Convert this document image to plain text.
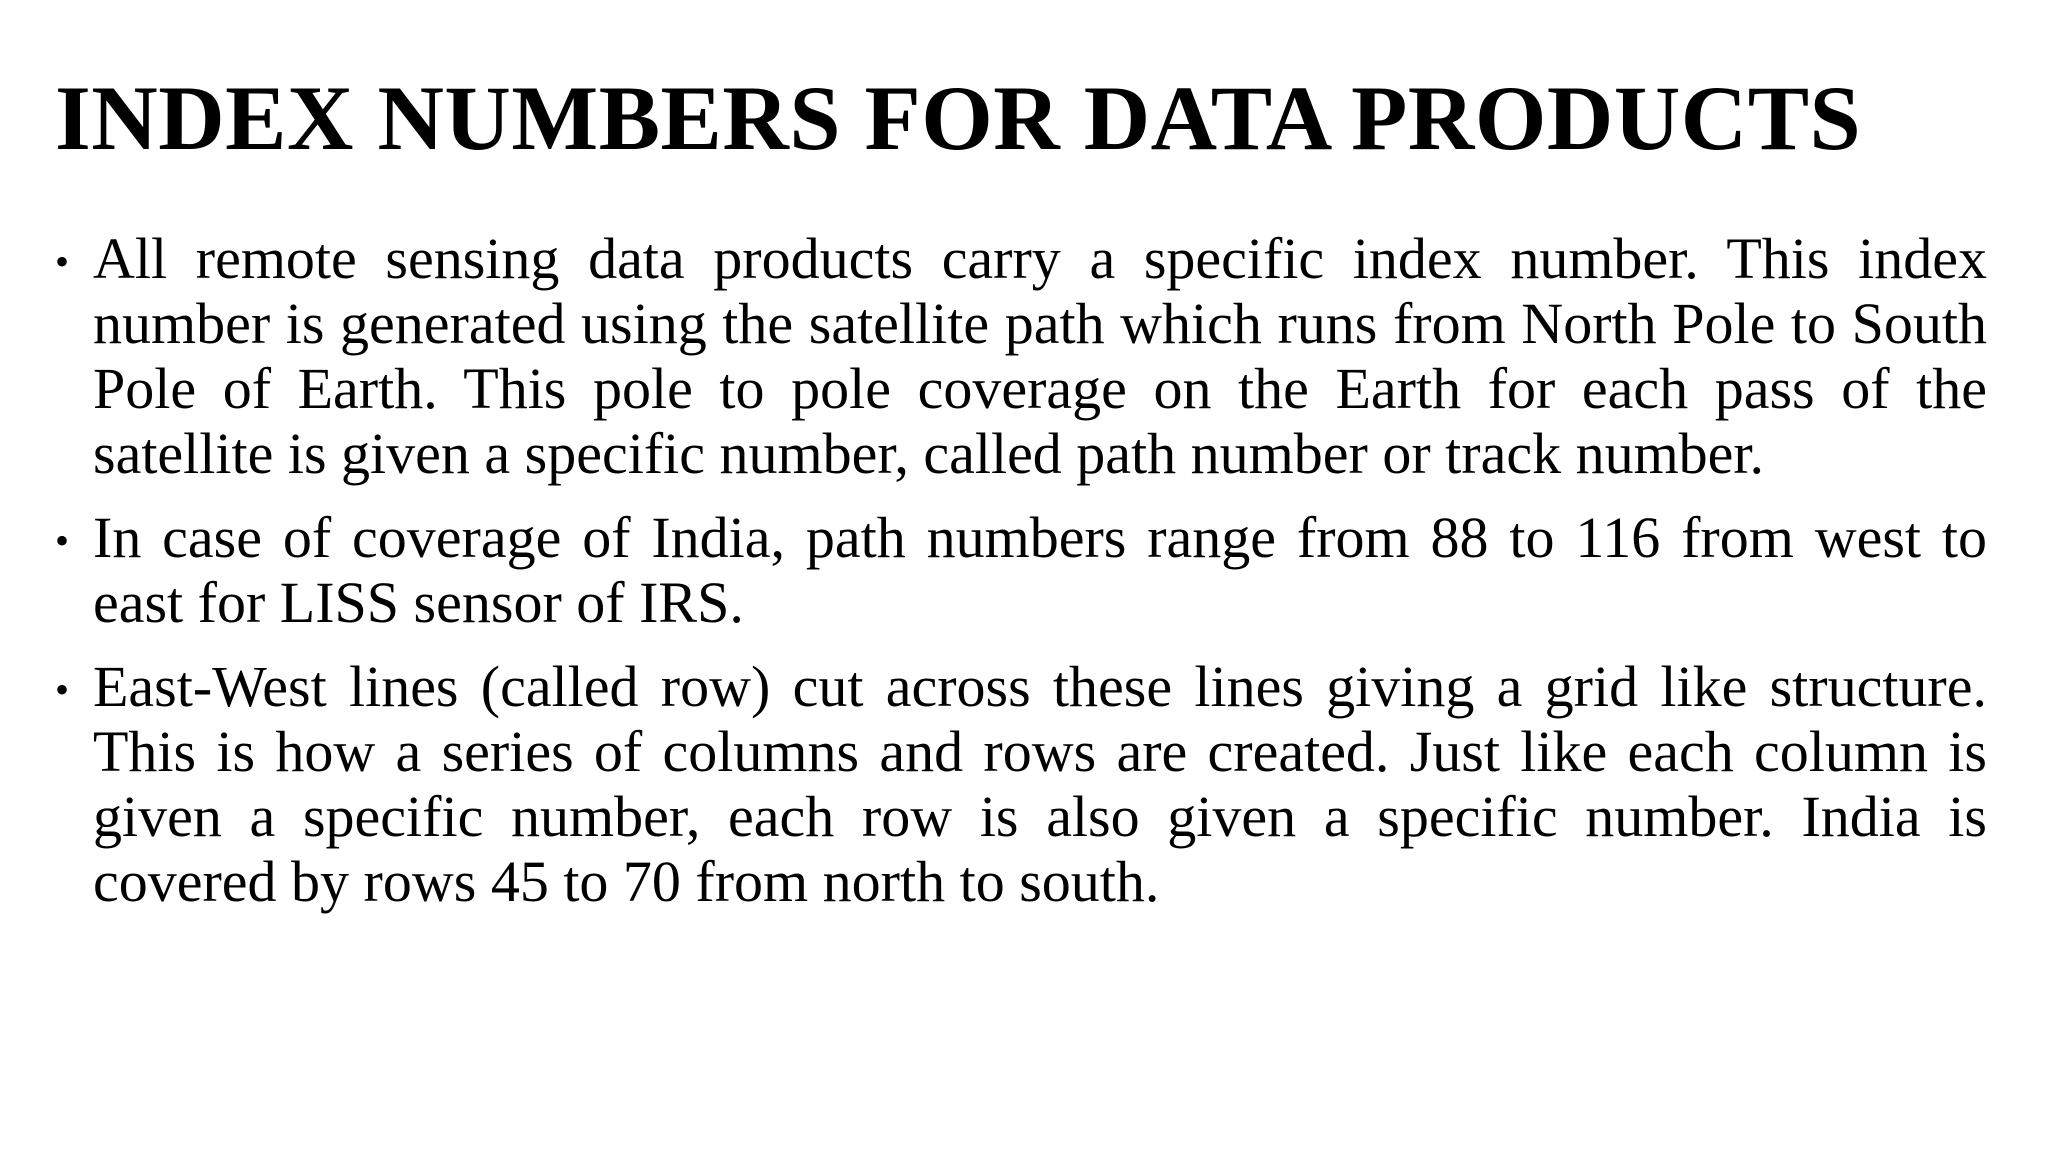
INDEX NUMBERS FOR DATA PRODUCTS
• All remote sensing data products carry a specific index number. This index number is generated using the satellite path which runs from North Pole to South Pole of Earth. This pole to pole coverage on the Earth for each pass of the satellite is given a specific number, called path number or track number.
• In case of coverage of India, path numbers range from 88 to 116 from west to east for LISS sensor of IRS.
• East-West lines (called row) cut across these lines giving a grid like structure. This is how a series of columns and rows are created. Just like each column is given a specific number, each row is also given a specific number. India is covered by rows 45 to 70 from north to south.
